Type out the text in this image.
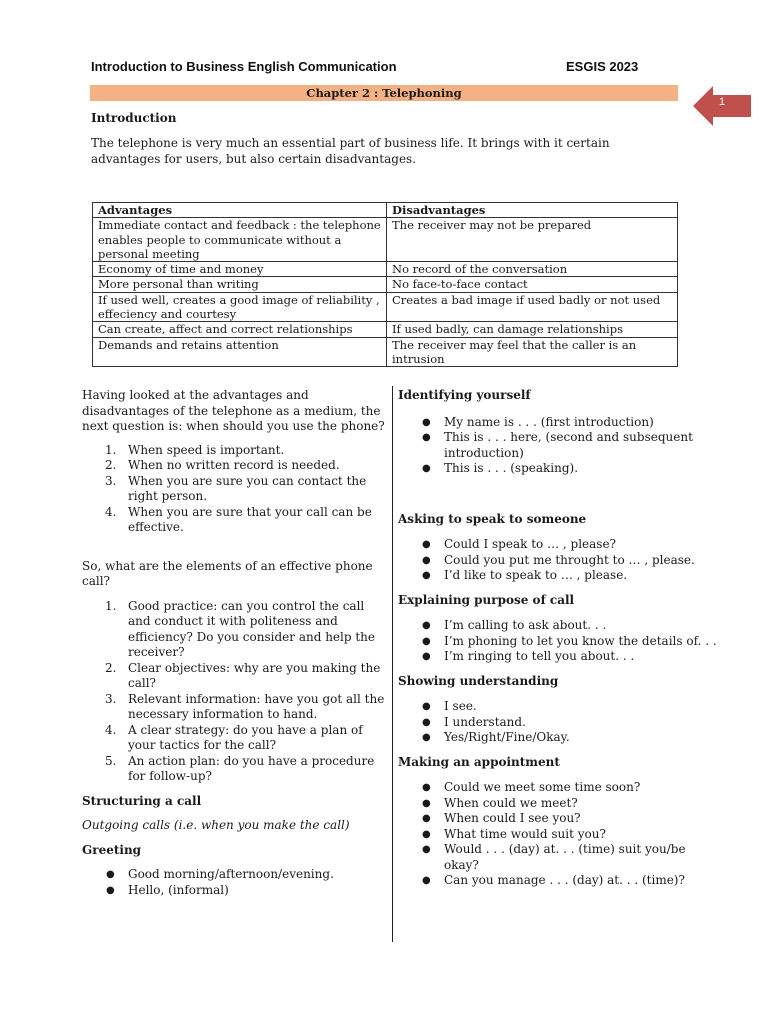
Introduction to Business English Communication	ESGIS 2023
Chapter 2 : Telephoning
1
Introduction
The telephone is very much an essential part of business life. It brings with it certain advantages for users, but also certain disadvantages.
Advantages	Disadvantages
Immediate contact and feedback : the telephone enables people to communicate without a personal meeting	The receiver may not be prepared
Economy of time and money	No record of the conversation
More personal than writing	No face-to-face contact
If used well, creates a good image of reliability , effeciency and courtesy	Creates a bad image if used badly or not used
Can create, affect and correct relationships	If used badly, can damage relationships
Demands and retains attention	The receiver may feel that the caller is an intrusion

Having looked at the advantages and disadvantages of the telephone as a medium, the next question is: when should you use the phone?

1. When speed is important.
2. When no written record is needed.
3. When you are sure you can contact the right person.
4. When you are sure that your call can be effective.

So, what are the elements of an effective phone call?

1. Good practice: can you control the call and conduct it with politeness and efficiency? Do you consider and help the receiver?
2. Clear objectives: why are you making the call?
3. Relevant information: have you got all the necessary information to hand.
4. A clear strategy: do you have a plan of your tactics for the call?
5. An action plan: do you have a procedure for follow-up?

Structuring a call

Outgoing calls (i.e. when you make the call)

Greeting

● Good morning/afternoon/evening.
● Hello, (informal)

Identifying yourself

● My name is . . . (first introduction)
● This is . . . here, (second and subsequent introduction)
● This is . . . (speaking).

Asking to speak to someone

● Could I speak to … , please?
● Could you put me throught to … , please.
● I’d like to speak to … , please.

Explaining purpose of call

● I’m calling to ask about. . .
● I’m phoning to let you know the details of. . .
● I’m ringing to tell you about. . .

Showing understanding

● I see.
● I understand.
● Yes/Right/Fine/Okay.

Making an appointment

● Could we meet some time soon?
● When could we meet?
● When could I see you?
● What time would suit you?
● Would . . . (day) at. . . (time) suit you/be okay?
● Can you manage . . . (day) at. . . (time)?
